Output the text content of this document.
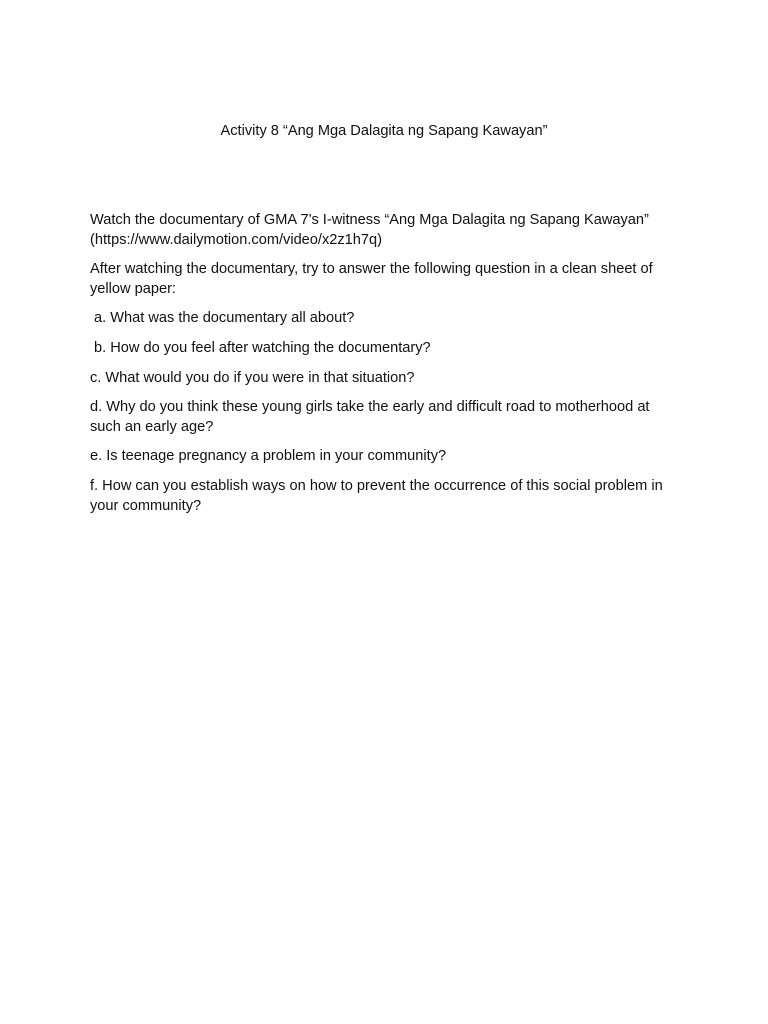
Activity 8 “Ang Mga Dalagita ng Sapang Kawayan”

Watch the documentary of GMA 7’s I-witness “Ang Mga Dalagita ng Sapang Kawayan”
(https://www.dailymotion.com/video/x2z1h7q)

After watching the documentary, try to answer the following question in a clean sheet of yellow paper:

a. What was the documentary all about?

b. How do you feel after watching the documentary?

c. What would you do if you were in that situation?

d. Why do you think these young girls take the early and difficult road to motherhood at such an early age?

e. Is teenage pregnancy a problem in your community?

f. How can you establish ways on how to prevent the occurrence of this social problem in your community?
